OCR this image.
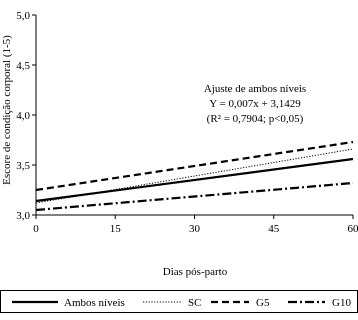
3,0
3,5
4,0
4,5
5,0
0	15	30	45	60
Dias pós-parto
Escore de condição corporal (1-5)	Ajuste de ambos níveis
Y = 0,007x + 3,1429
(R² = 0,7904; p<0,05)
Ambos níveis	SC	G5	G10
